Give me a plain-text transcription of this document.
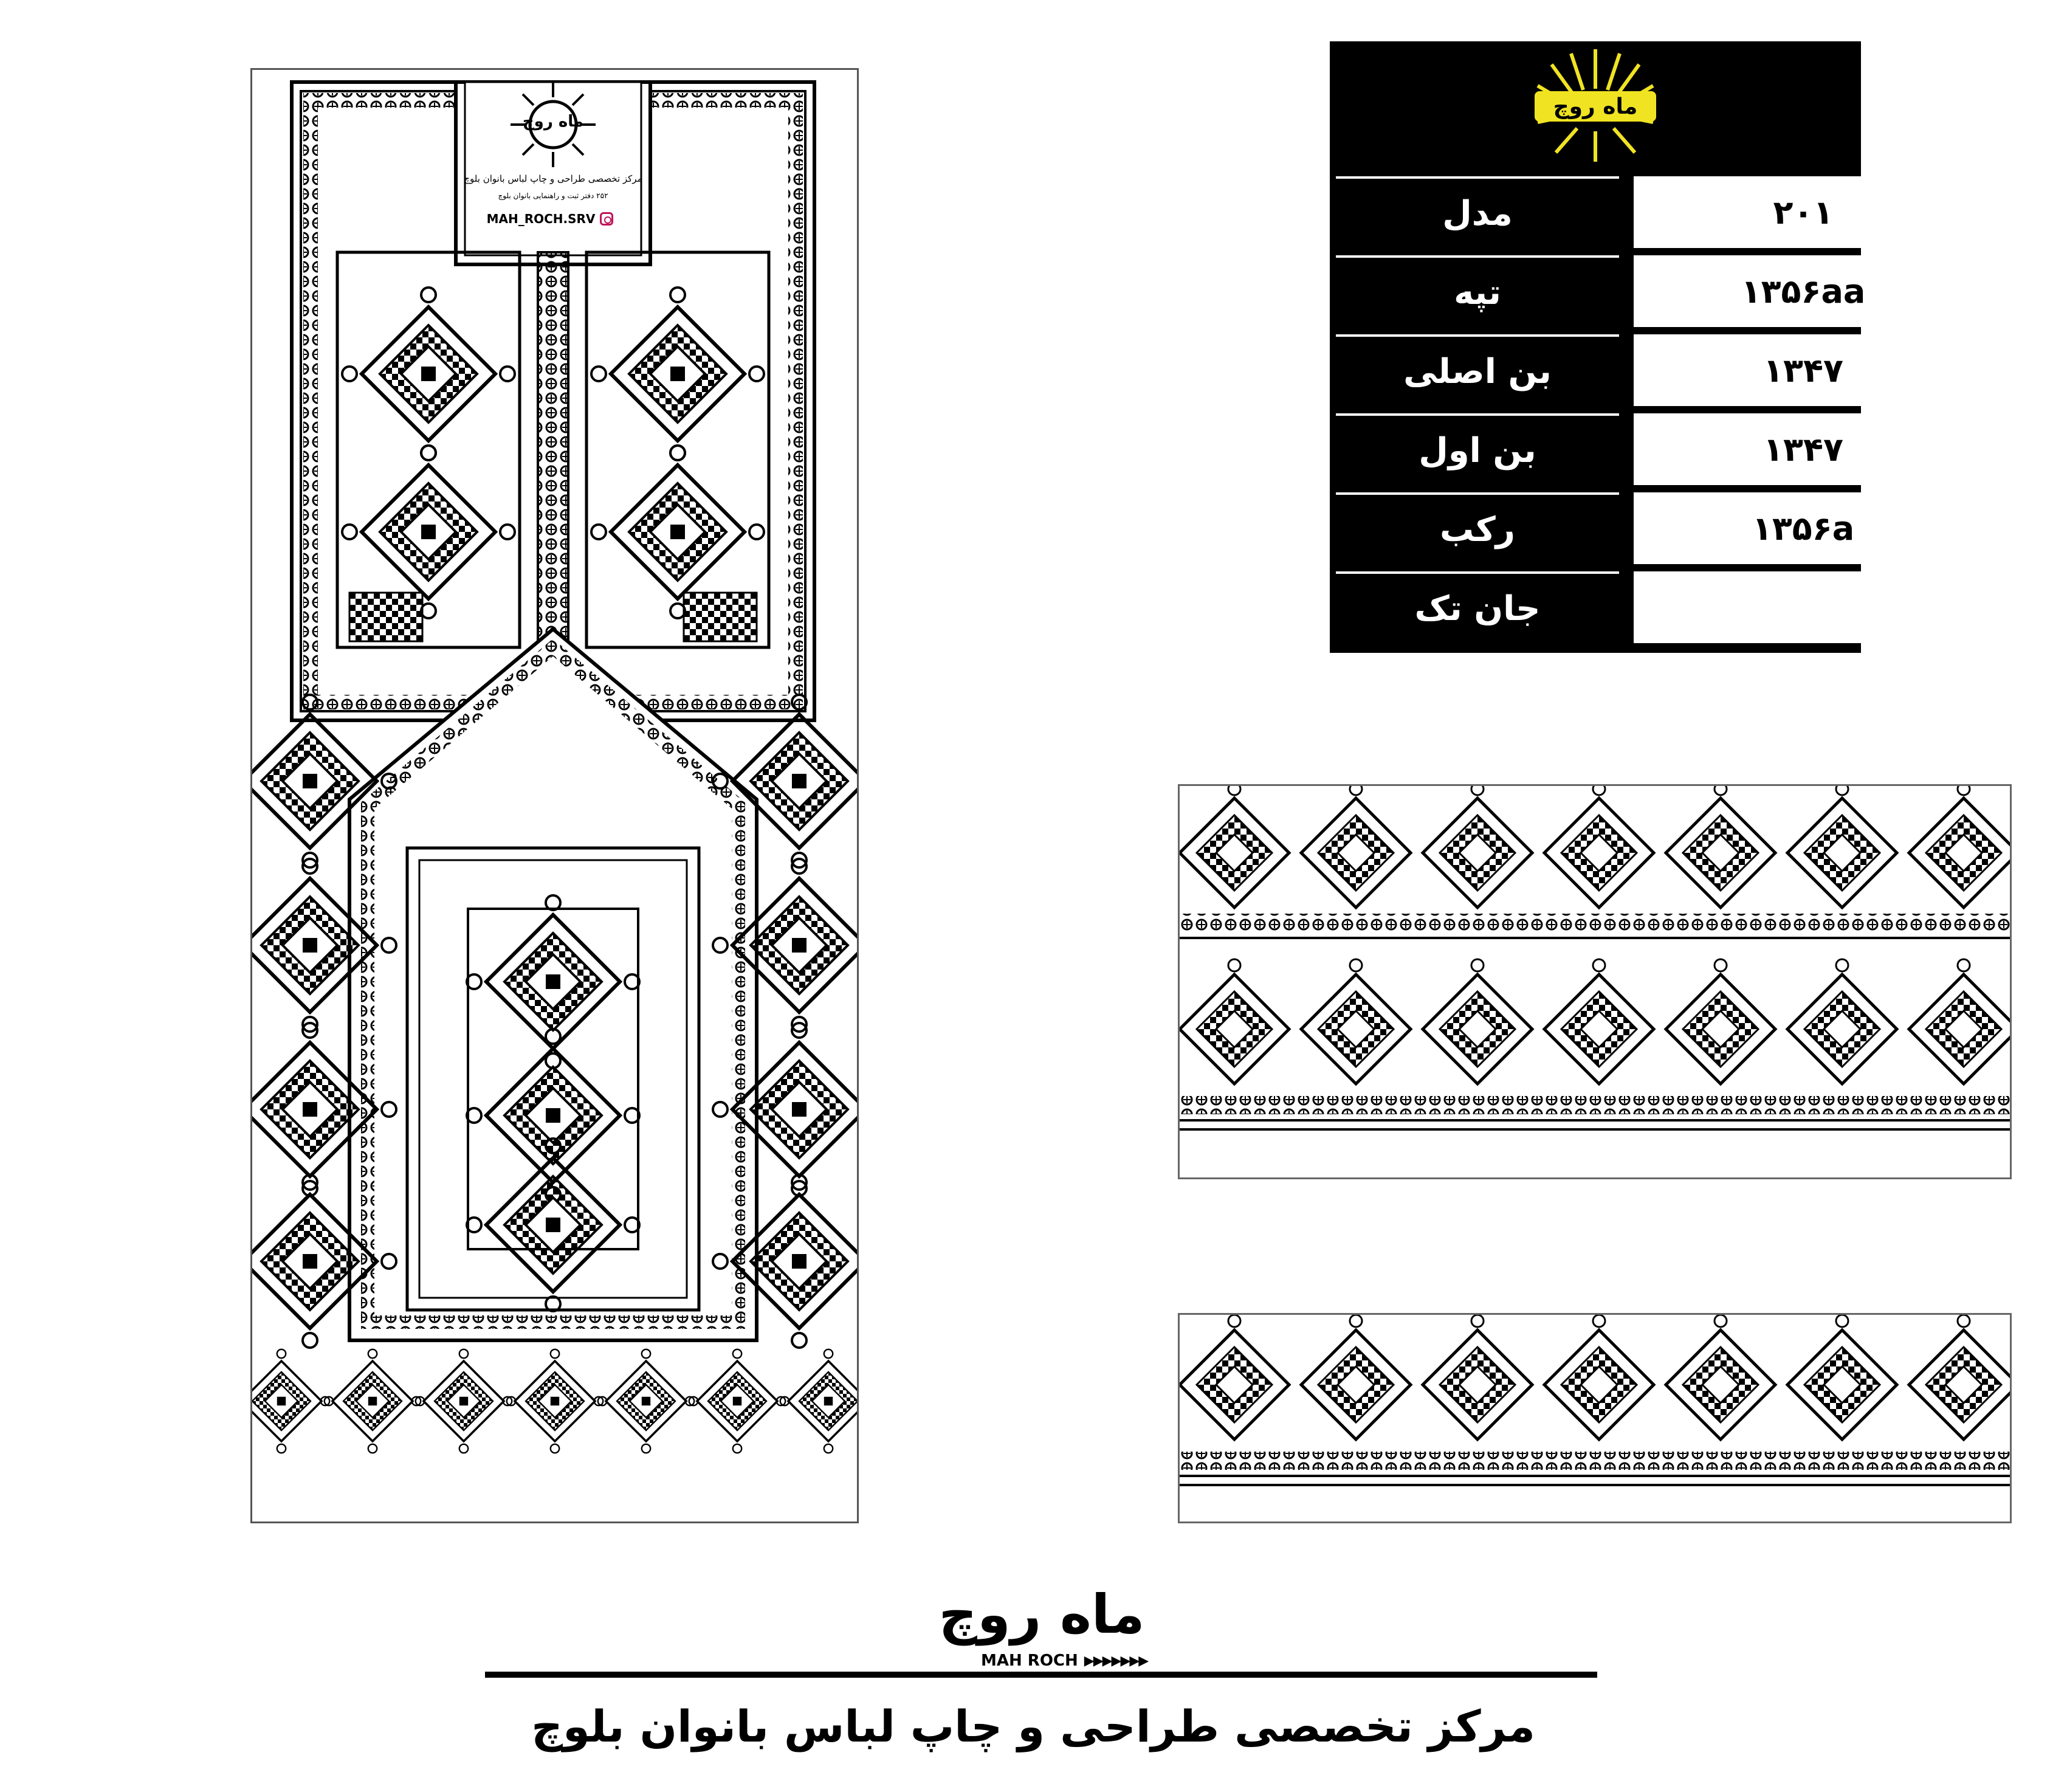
ماه روچ
مرکز تخصصی طراحی و چاپ لباس بانوان بلوچ
۲۵۲ دفتر ثبت و راهنمایی بانوان بلوچ
MAH_ROCH.SRV
ماه روچ
مدل	۲۰۱
تپه	۱۳۵۶aa
بن اصلی	۱۳۴۷
بن اول	۱۳۴۷
رکب	۱۳۵۶a
جان تک
ماه روچ
MAH ROCH ▶▶▶▶▶▶▶
مرکز تخصصی طراحی و چاپ لباس بانوان بلوچ
